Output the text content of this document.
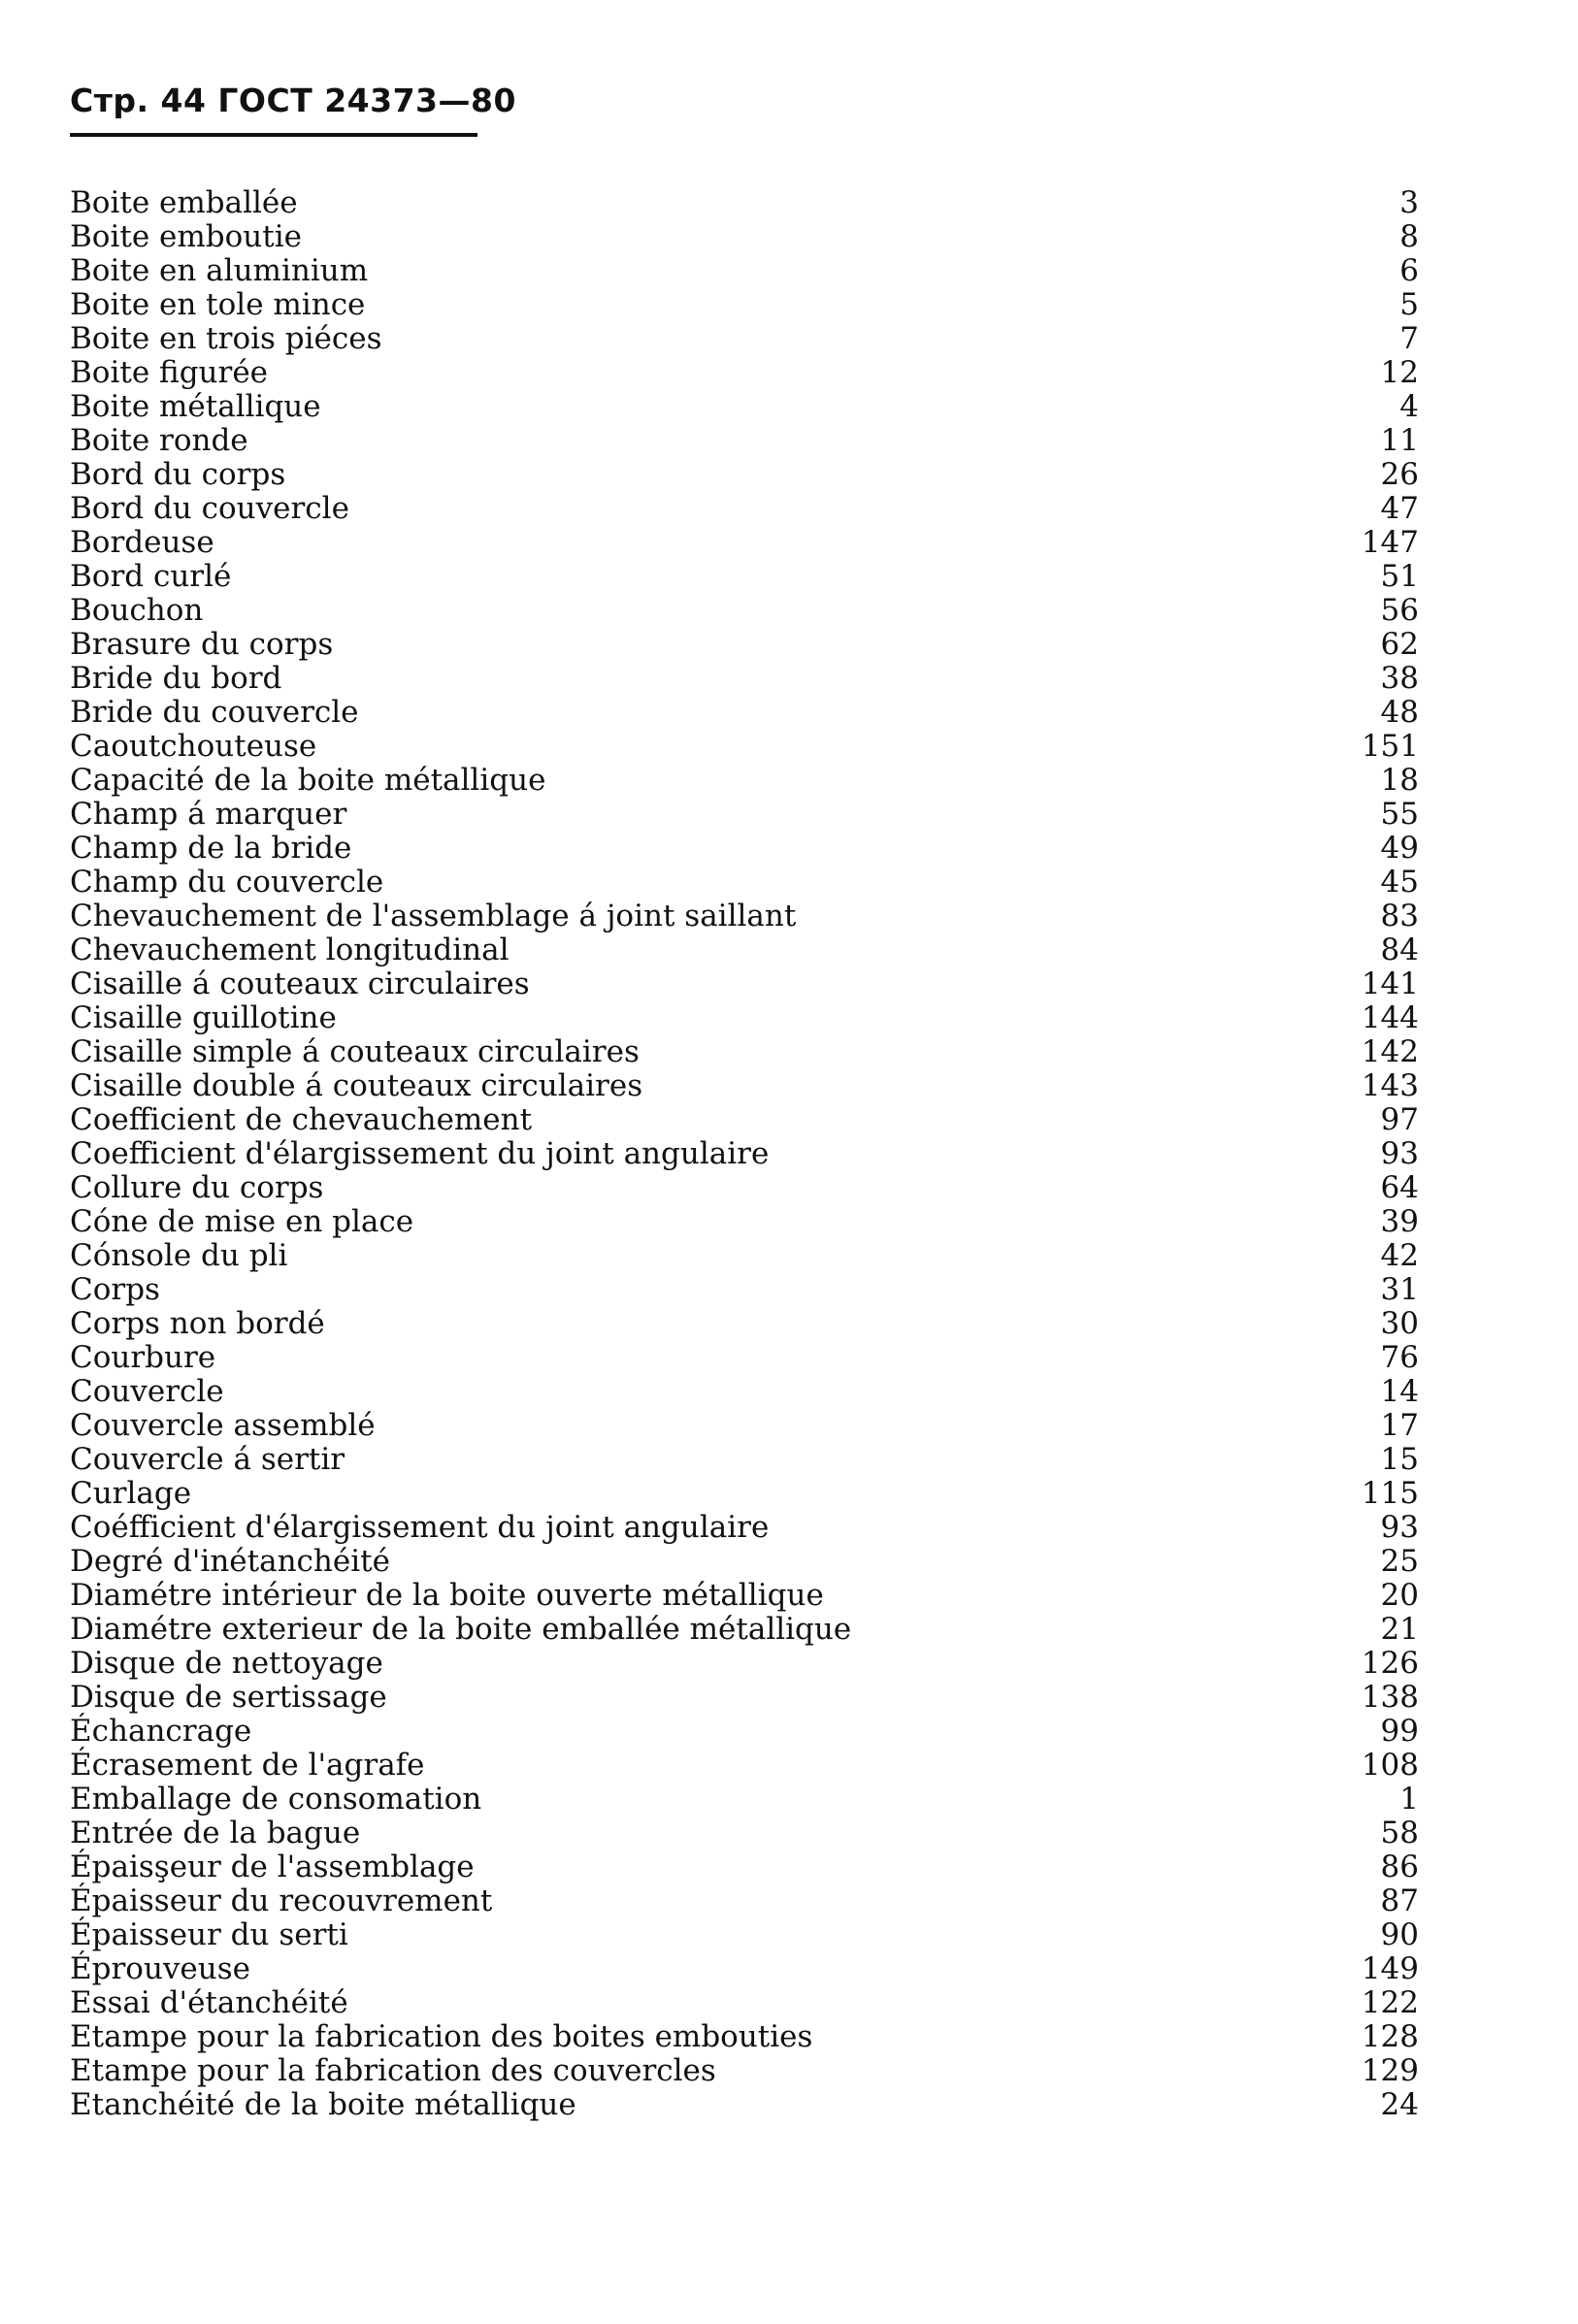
Стр. 44 ГОСТ 24373—80
Boite emballée	3
Boite emboutie	8
Boite en aluminium	6
Boite en tole mince	5
Boite en trois piéces	7
Boite figurée	12
Boite métallique	4
Boite ronde	11
Bord du corps	26
Bord du couvercle	47
Bordeuse	147
Bord curlé	51
Bouchon	56
Brasure du corps	62
Bride du bord	38
Bride du couvercle	48
Caoutchouteuse	151
Capacité de la boite métallique	18
Champ á marquer	55
Champ de la bride	49
Champ du couvercle	45
Chevauchement de l'assemblage á joint saillant	83
Chevauchement longitudinal	84
Cisaille á couteaux circulaires	141
Cisaille guillotine	144
Cisaille simple á couteaux circulaires	142
Cisaille double á couteaux circulaires	143
Coefficient de chevauchement	97
Coefficient d'élargissement du joint angulaire	93
Collure du corps	64
Cóne de mise en place	39
Cónsole du pli	42
Corps	31
Corps non bordé	30
Courbure	76
Couvercle	14
Couvercle assemblé	17
Couvercle á sertir	15
Curlage	115
Coéfficient d'élargissement du joint angulaire	93
Degré d'inétanchéité	25
Diamétre intérieur de la boite ouverte métallique	20
Diamétre exterieur de la boite emballée métallique	21
Disque de nettoyage	126
Disque de sertissage	138
Échancrage	99
Écrasement de l'agrafe	108
Emballage de consomation	1
Entrée de la bague	58
Épaisşeur de l'assemblage	86
Épaisseur du recouvrement	87
Épaisseur du serti	90
Éprouveuse	149
Essai d'étanchéité	122
Etampe pour la fabrication des boites embouties	128
Etampe pour la fabrication des couvercles	129
Etanchéité de la boite métallique	24
